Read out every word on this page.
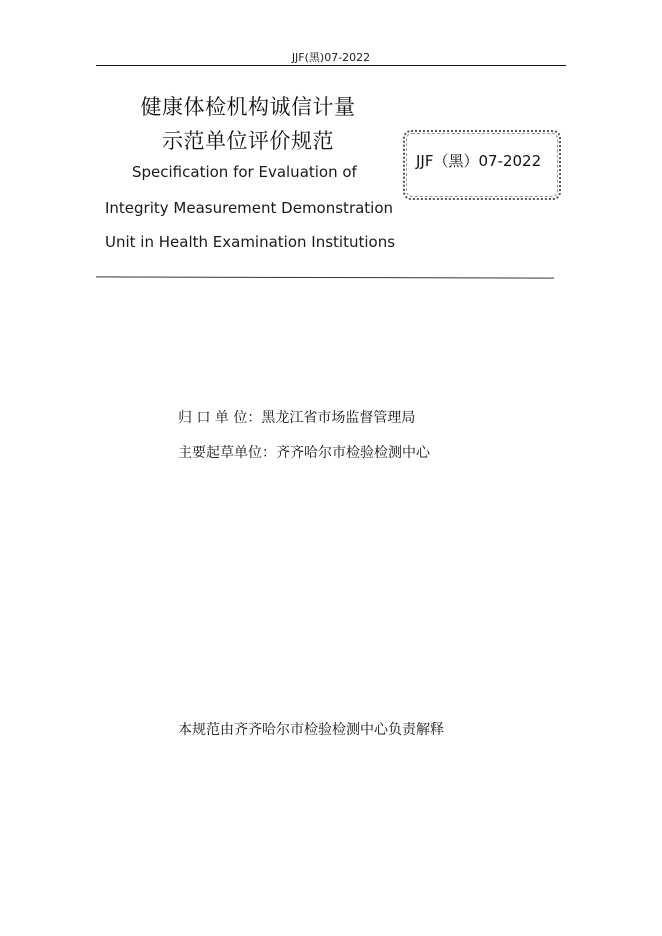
JJF(黑)07-2022
健康体检机构诚信计量
示范单位评价规范
Specification for Evaluation of
Integrity Measurement Demonstration
Unit in Health Examination Institutions
JJF（黑）07-2022
归 口 单 位：黑龙江省市场监督管理局
主要起草单位：齐齐哈尔市检验检测中心
本规范由齐齐哈尔市检验检测中心负责解释
